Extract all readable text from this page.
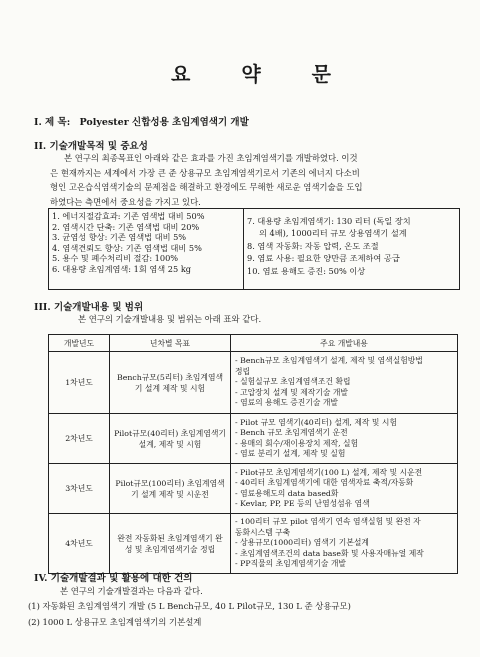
요 약 문
I. 제 목: Polyester 신합성용 초임계염색기 개발
II. 기술개발목적 및 중요성

본 연구의 최종목표인 아래와 같은 효과를 가진 초임계염색기를 개발하였다. 이것

은 현재까지는 세계에서 가장 큰 준 상용규모 초임계염색기로서 기존의 에너지 다소비

형인 고온습식염색기술의 문제점을 해결하고 환경에도 무해한 새로운 염색기술을 도입

하였다는 측면에서 중요성을 가지고 있다.

1. 에너지절감효과: 기존 염색법 대비 50%
2. 염색시간 단축: 기존 염색법 대비 20%
3. 균염성 향상: 기존 염색법 대비 5%
4. 염색견뢰도 향상: 기존 염색법 대비 5%
5. 용수 및 폐수처리비 절감: 100%
6. 대용량 초임계염색: 1회 염색 25 kg
7. 대용량 초임계염색기: 130 리터 (독일 장치
의 4배), 1000리터 규모 상용염색기 설계
8. 염색 자동화: 자동 압력, 온도 조절
9. 염료 사용: 필요한 양만큼 조제하여 공급
10. 염료 용해도 증진: 50% 이상
III. 기술개발내용 및 범위

본 연구의 기술개발내용 및 범위는 아래 표와 같다.

개발년도	년차별 목표	주요 개발내용
1차년도	Bench규모(5리터) 초임계염색기 설계 제작 및 시험	- Bench규모 초임계염색기 설계, 제작 및 염색실험방법
정립
- 실험실규모 초임계염색조건 확립
- 고압장치 설계 및 제작기술 개발
- 염료의 용해도 증진기술 개발

2차년도	Pilot규모(40리터) 초임계염색기 설계, 제작 및 시험	- Pilot 규모 염색기(40리터) 설계, 제작 및 시험
- Bench 규모 초임계염색기 운전
- 용매의 회수/재이용장치 제작, 실험
- 염료 분리기 설계, 제작 및 실험

3차년도	Pilot규모(100리터) 초임계염색기 설계 제작 및 시운전	- Pilot규모 초임계염색기(100 L) 설계, 제작 및 시운전
- 40리터 초임계염색기에 대한 염색자료 축적/자동화
- 염료용해도의 data based화
- Kevlar, PP, PE 등의 난염성섬유 염색

4차년도	완전 자동화된 초임계염색기 완성 및 초임계염색기술 정립	- 100리터 규모 pilot 염색기 연속 염색실험 및 완전 자
동화시스템 구축
- 상용규모(1000리터) 염색기 기본설계
- 초임계염색조건의 data base화 및 사용자매뉴얼 제작
- PP직물의 초임계염색기술 개발
IV. 기술개발결과 및 활용에 대한 건의
본 연구의 기술개발결과는 다음과 같다.
(1) 자동화된 초임계염색기 개발 (5 L Bench규모, 40 L Pilot규모, 130 L 준 상용규모)
(2) 1000 L 상용규모 초임계염색기의 기본설계
